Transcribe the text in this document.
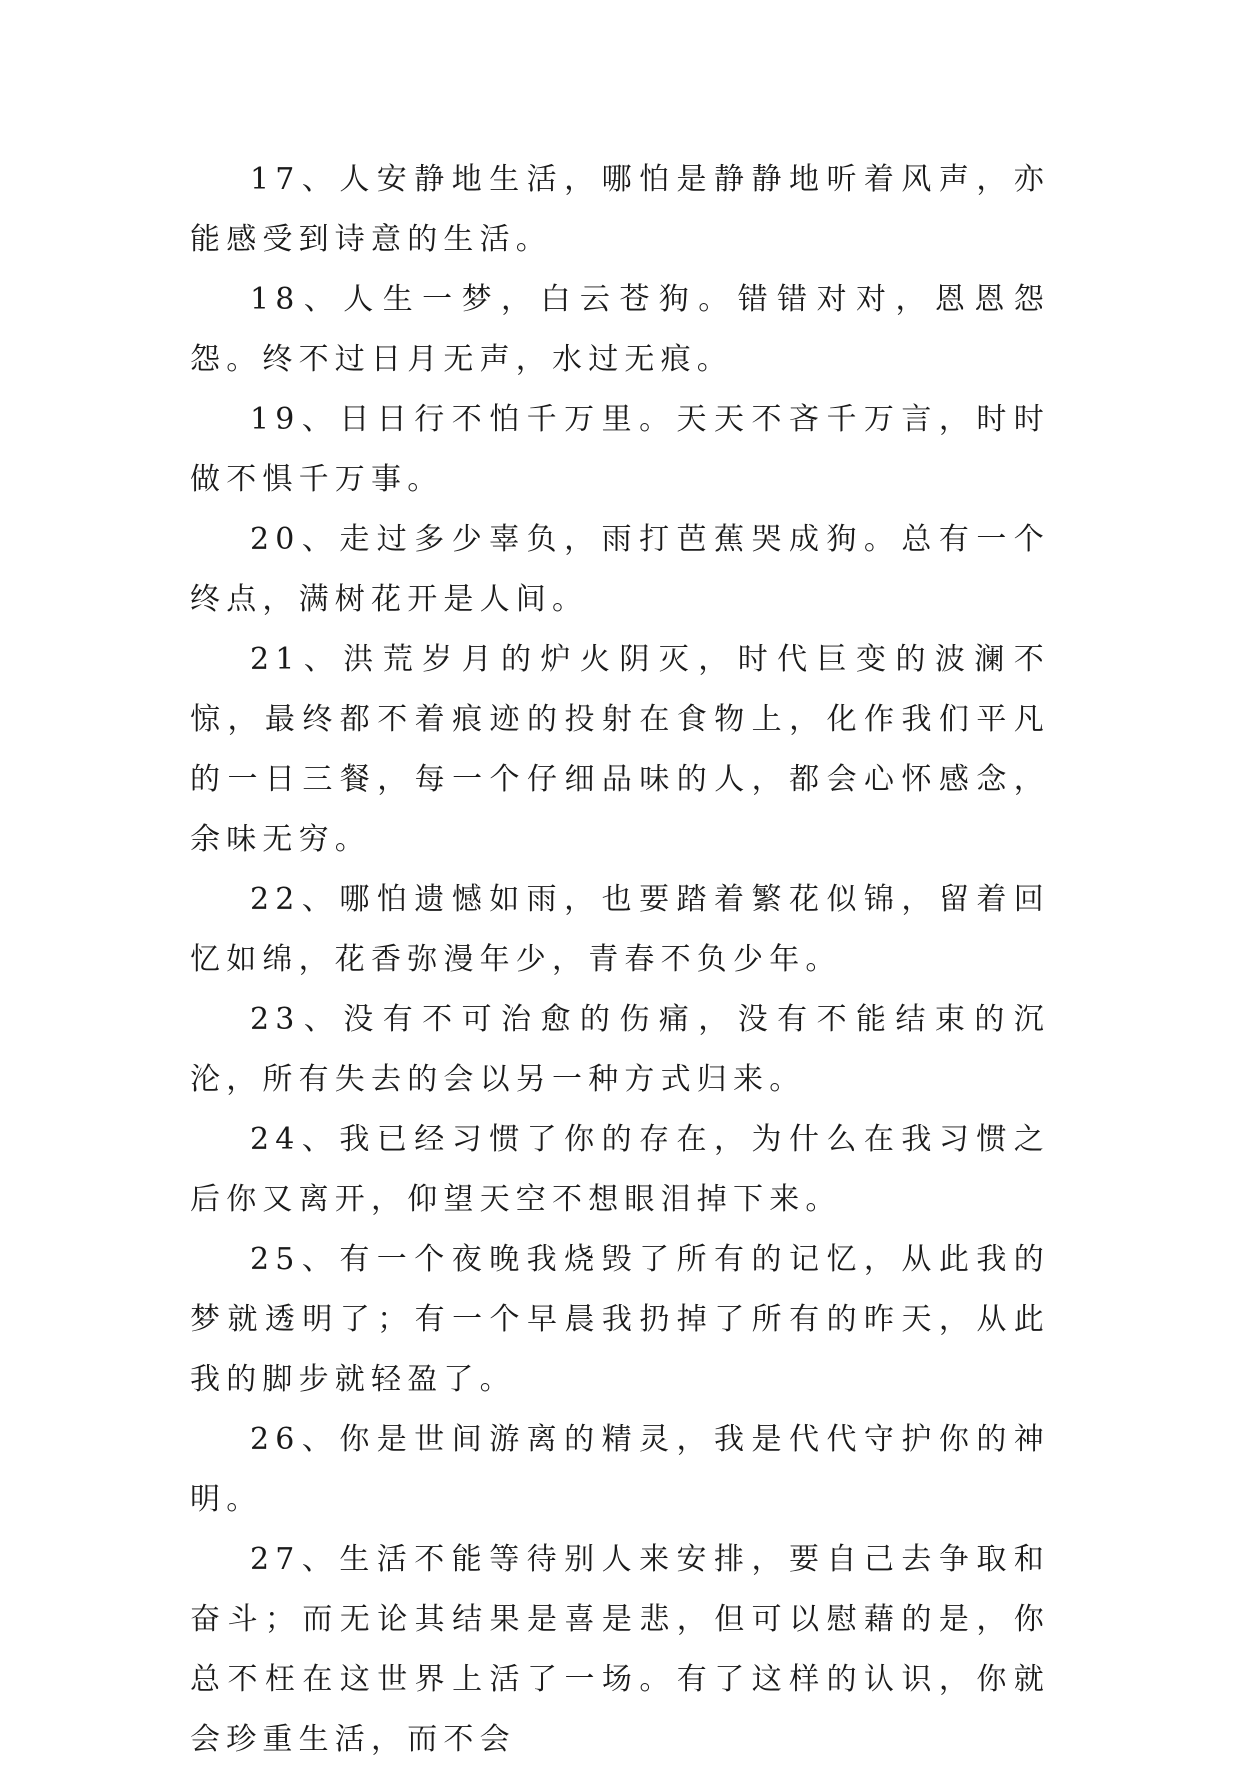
17、人安静地生活，哪怕是静静地听着风声，亦能感受到诗意的生活。

18、人生一梦，白云苍狗。错错对对，恩恩怨怨。终不过日月无声，水过无痕。

19、日日行不怕千万里。天天不吝千万言，时时做不惧千万事。

20、走过多少辜负，雨打芭蕉哭成狗。总有一个终点，满树花开是人间。

21、洪荒岁月的炉火阴灭，时代巨变的波澜不惊，最终都不着痕迹的投射在食物上，化作我们平凡的一日三餐，每一个仔细品味的人，都会心怀感念，余味无穷。

22、哪怕遗憾如雨，也要踏着繁花似锦，留着回忆如绵，花香弥漫年少，青春不负少年。

23、没有不可治愈的伤痛，没有不能结束的沉沦，所有失去的会以另一种方式归来。

24、我已经习惯了你的存在，为什么在我习惯之后你又离开，仰望天空不想眼泪掉下来。

25、有一个夜晚我烧毁了所有的记忆，从此我的梦就透明了；有一个早晨我扔掉了所有的昨天，从此我的脚步就轻盈了。

26、你是世间游离的精灵，我是代代守护你的神明。

27、生活不能等待别人来安排，要自己去争取和奋斗；而无论其结果是喜是悲，但可以慰藉的是，你总不枉在这世界上活了一场。有了这样的认识，你就会珍重生活，而不会
